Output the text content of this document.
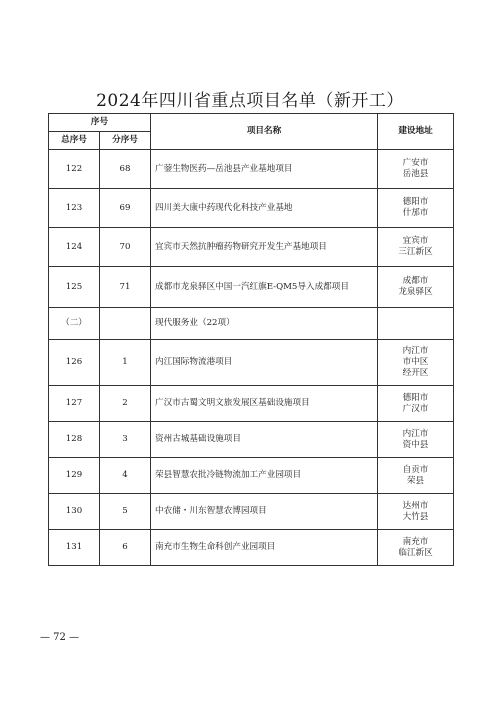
2024年四川省重点项目名单（新开工）
序号		项目名称	建设地址
总序号	分序号		
122	68	广蓥生物医药—岳池县产业基地项目	广安市
岳池县

123	69	四川美大康中药现代化科技产业基地	德阳市
什邡市

124	70	宜宾市天然抗肿瘤药物研究开发生产基地项目	宜宾市
三江新区

125	71	成都市龙泉驿区中国一汽红旗E-QM5导入成都项目	成都市
龙泉驿区

（二）		现代服务业（22项）	
126	1	内江国际物流港项目	内江市
市中区
经开区

127	2	广汉市古蜀文明文旅发展区基础设施项目	德阳市
广汉市

128	3	资州古城基础设施项目	内江市
资中县

129	4	荣县智慧农批冷链物流加工产业园项目	自贡市
荣县

130	5	中农储・川东智慧农博园项目	达州市
大竹县

131	6	南充市生物生命科创产业园项目	南充市
临江新区
— 72 —
